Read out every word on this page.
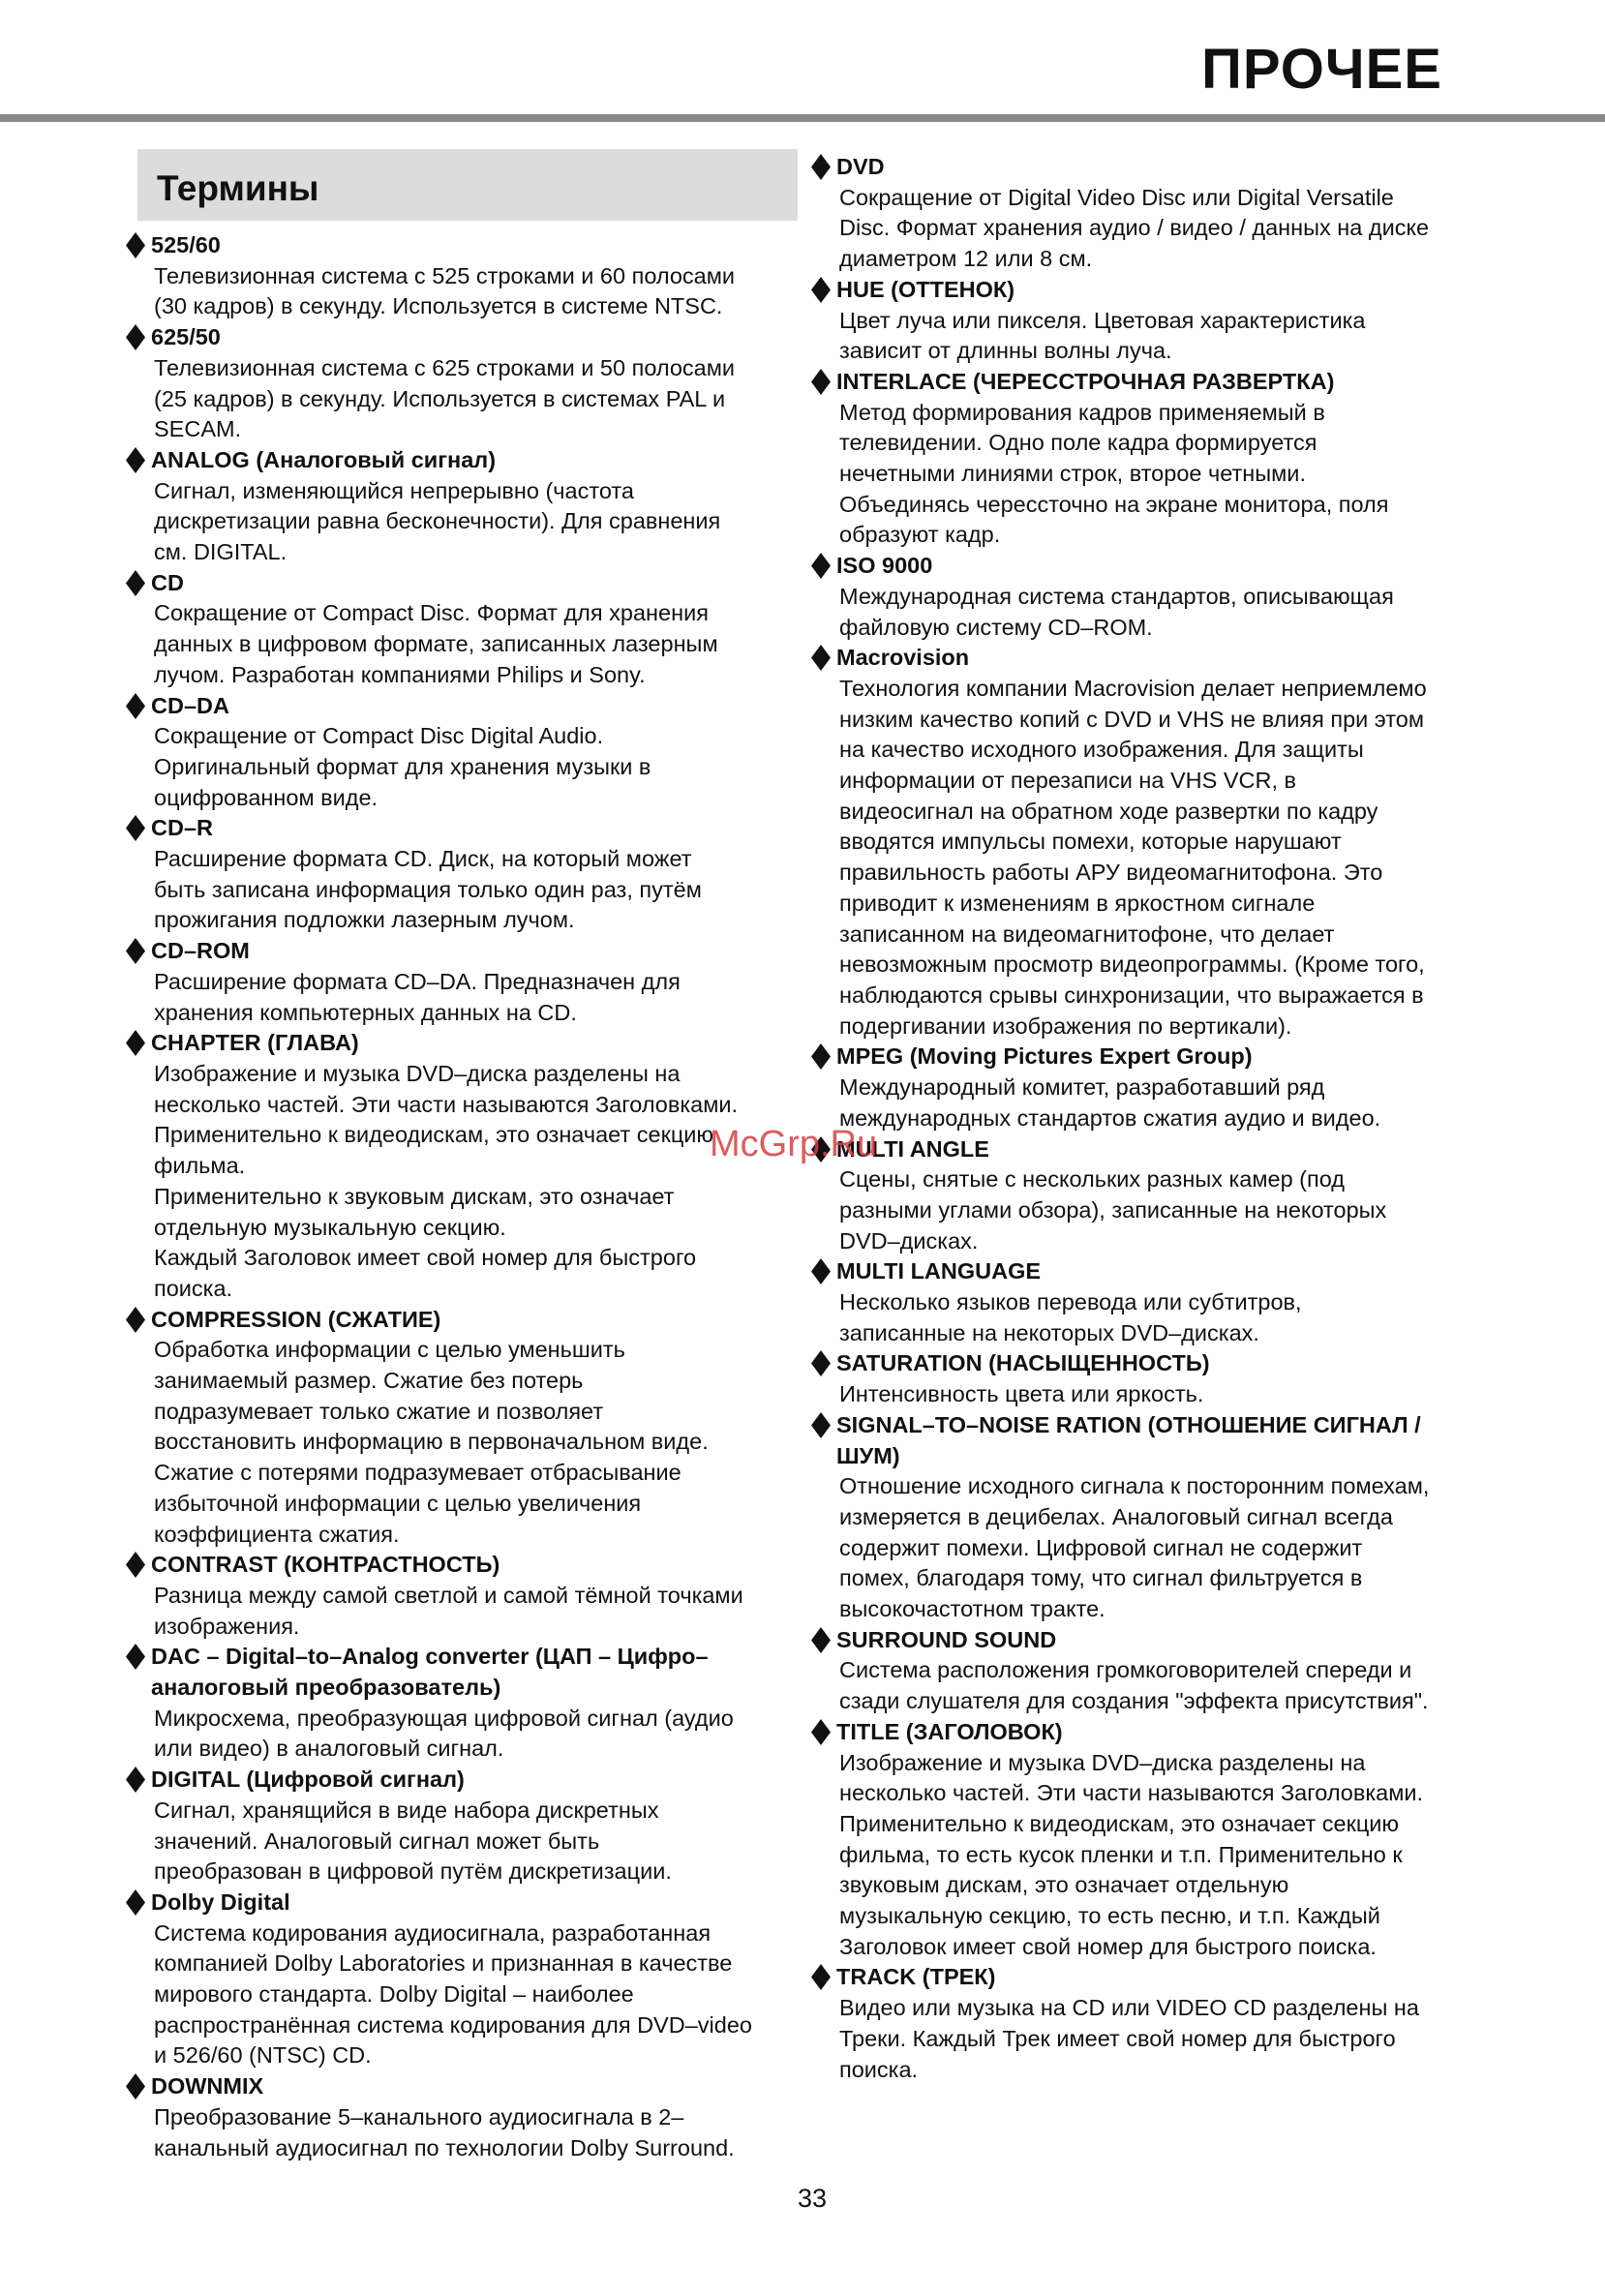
ПРОЧЕЕ
Термины
525/60
Телевизионная система с 525 строками и 60 полосами
(30 кадров) в секунду. Используется в системе NTSC.
625/50
Телевизионная система с 625 строками и 50 полосами
(25 кадров) в секунду. Используется в системах PAL и
SECAM.
ANALOG (Аналоговый сигнал)
Сигнал, изменяющийся непрерывно (частота
дискретизации равна бесконечности). Для сравнения
см. DIGITAL.
CD
Сокращение от Compact Disc. Формат для хранения
данных в цифровом формате, записанных лазерным
лучом. Разработан компаниями Philips и Sony.
CD–DA
Сокращение от Compact Disc Digital Audio.
Оригинальный формат для хранения музыки в
оцифрованном виде.
CD–R
Расширение формата CD. Диск, на который может
быть записана информация только один раз, путём
прожигания подложки лазерным лучом.
CD–ROM
Расширение формата CD–DA. Предназначен для
хранения компьютерных данных на CD.
CHAPTER (ГЛАВА)
Изображение и музыка DVD–диска разделены на
несколько частей. Эти части называются Заголовками.
Применительно к видеодискам, это означает секцию
фильма.
Применительно к звуковым дискам, это означает
отдельную музыкальную секцию.
Каждый Заголовок имеет свой номер для быстрого
поиска.
COMPRESSION (СЖАТИЕ)
Обработка информации с целью уменьшить
занимаемый размер. Сжатие без потерь
подразумевает только сжатие и позволяет
восстановить информацию в первоначальном виде.
Сжатие с потерями подразумевает отбрасывание
избыточной информации с целью увеличения
коэффициента сжатия.
CONTRAST (КОНТРАСТНОСТЬ)
Разница между самой светлой и самой тёмной точками
изображения.
DAC – Digital–to–Analog converter (ЦАП – Цифро–
аналоговый преобразователь)
Микросхема, преобразующая цифровой сигнал (аудио
или видео) в аналоговый сигнал.
DIGITAL (Цифровой сигнал)
Сигнал, хранящийся в виде набора дискретных
значений. Аналоговый сигнал может быть
преобразован в цифровой путём дискретизации.
Dolby Digital
Система кодирования аудиосигнала, разработанная
компанией Dolby Laboratories и признанная в качестве
мирового стандарта. Dolby Digital – наиболее
распространённая система кодирования для DVD–video
и 526/60 (NTSC) CD.
DOWNMIX
Преобразование 5–канального аудиосигнала в 2–
канальный аудиосигнал по технологии Dolby Surround.
DVD
Сокращение от Digital Video Disc или Digital Versatile
Disc. Формат хранения аудио / видео / данных на диске
диаметром 12 или 8 см.
HUE (ОТТЕНОК)
Цвет луча или пикселя. Цветовая характеристика
зависит от длинны волны луча.
INTERLACE (ЧЕРЕССТРОЧНАЯ РАЗВЕРТКА)
Метод формирования кадров применяемый в
телевидении. Одно поле кадра формируется
нечетными линиями строк, второе четными.
Объединясь черессточно на экране монитора, поля
образуют кадр.
ISO 9000
Международная система стандартов, описывающая
файловую систему CD–ROM.
Macrovision
Технология компании Macrovision делает неприемлемо
низким качество копий с DVD и VHS не влияя при этом
на качество исходного изображения. Для защиты
информации от перезаписи на VHS VCR, в
видеосигнал на обратном ходе развертки по кадру
вводятся импульсы помехи, которые нарушают
правильность работы АРУ видеомагнитофона. Это
приводит к изменениям в яркостном сигнале
записанном на видеомагнитофоне, что делает
невозможным просмотр видеопрограммы. (Кроме того,
наблюдаются срывы синхронизации, что выражается в
подергивании изображения по вертикали).
MPEG (Moving Pictures Expert Group)
Международный комитет, разработавший ряд
международных стандартов сжатия аудио и видео.
MULTI ANGLE
Сцены, снятые с нескольких разных камер (под
разными углами обзора), записанные на некоторых
DVD–дисках.
MULTI LANGUAGE
Несколько языков перевода или субтитров,
записанные на некоторых DVD–дисках.
SATURATION (НАСЫЩЕННОСТЬ)
Интенсивность цвета или яркость.
SIGNAL–TO–NOISE RATION (ОТНОШЕНИЕ СИГНАЛ /
ШУМ)
Отношение исходного сигнала к посторонним помехам,
измеряется в децибелах. Аналоговый сигнал всегда
содержит помехи. Цифровой сигнал не содержит
помех, благодаря тому, что сигнал фильтруется в
высокочастотном тракте.
SURROUND SOUND
Система расположения громкоговорителей спереди и
сзади слушателя для создания "эффекта присутствия".
TITLE (ЗАГОЛОВОК)
Изображение и музыка DVD–диска разделены на
несколько частей. Эти части называются Заголовками.
Применительно к видеодискам, это означает секцию
фильма, то есть кусок пленки и т.п. Применительно к
звуковым дискам, это означает отдельную
музыкальную секцию, то есть песню, и т.п. Каждый
Заголовок имеет свой номер для быстрого поиска.
TRACK (ТРЕК)
Видео или музыка на CD или VIDEO CD разделены на
Треки. Каждый Трек имеет свой номер для быстрого
поиска.
McGrp.Ru
33
